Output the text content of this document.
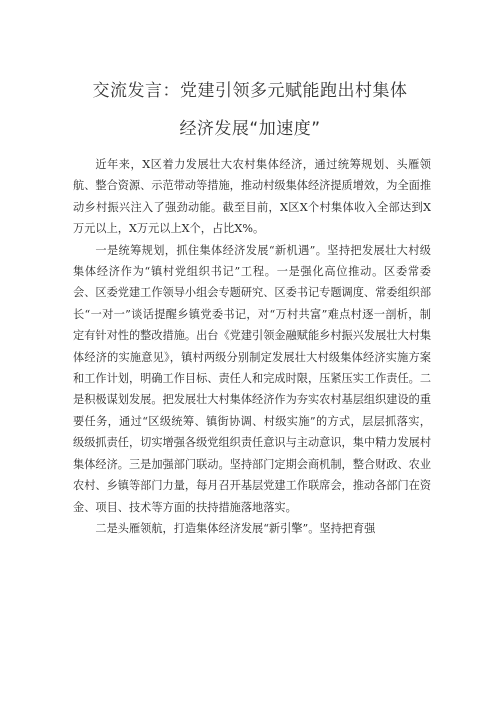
交流发言：党建引领多元赋能跑出村集体
经济发展“加速度”

近年来，X区着力发展壮大农村集体经济，通过统筹规划、头雁领航、整合资源、示范带动等措施，推动村级集体经济提质增效，为全面推动乡村振兴注入了强劲动能。截至目前，X区X个村集体收入全部达到X万元以上，X万元以上X个，占比X%。

一是统筹规划，抓住集体经济发展“新机遇”。坚持把发展壮大村级集体经济作为“镇村党组织书记”工程。一是强化高位推动。区委常委会、区委党建工作领导小组会专题研究、区委书记专题调度、常委组织部长“一对一”谈话提醒乡镇党委书记，对“万村共富”难点村逐一剖析，制定有针对性的整改措施。出台《党建引领金融赋能乡村振兴发展壮大村集体经济的实施意见》，镇村两级分别制定发展壮大村级集体经济实施方案和工作计划，明确工作目标、责任人和完成时限，压紧压实工作责任。二是积极谋划发展。把发展壮大村集体经济作为夯实农村基层组织建设的重要任务，通过“区级统筹、镇街协调、村级实施”的方式，层层抓落实，级级抓责任，切实增强各级党组织责任意识与主动意识，集中精力发展村集体经济。三是加强部门联动。坚持部门定期会商机制，整合财政、农业农村、乡镇等部门力量，每月召开基层党建工作联席会，推动各部门在资金、项目、技术等方面的扶持措施落地落实。

二是头雁领航，打造集体经济发展“新引擎”。坚持把育强
